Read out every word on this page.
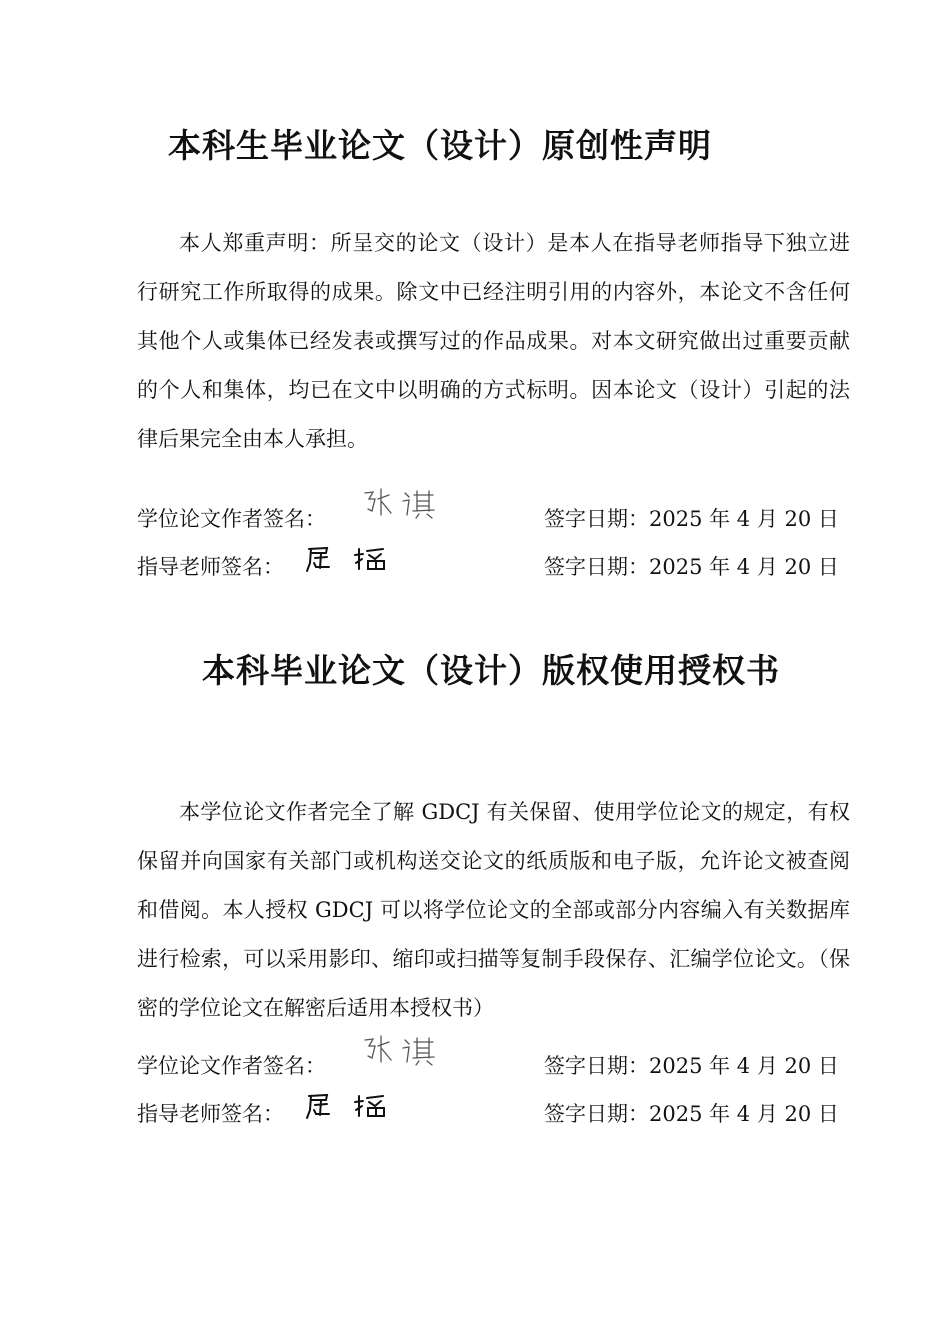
本科生毕业论文（设计）原创性声明

本人郑重声明：所呈交的论文（设计）是本人在指导老师指导下独立进行研究工作所取得的成果。除文中已经注明引用的内容外，本论文不含任何其他个人或集体已经发表或撰写过的作品成果。对本文研究做出过重要贡献的个人和集体，均已在文中以明确的方式标明。因本论文（设计）引起的法律后果完全由本人承担。

学位论文作者签名：	签字日期：2025 年 4 月 20 日
指导老师签名：	签字日期：2025 年 4 月 20 日
本科毕业论文（设计）版权使用授权书

本学位论文作者完全了解 GDCJ 有关保留、使用学位论文的规定，有权保留并向国家有关部门或机构送交论文的纸质版和电子版，允许论文被查阅和借阅。本人授权 GDCJ 可以将学位论文的全部或部分内容编入有关数据库进行检索，可以采用影印、缩印或扫描等复制手段保存、汇编学位论文。（保密的学位论文在解密后适用本授权书）

学位论文作者签名：	签字日期：2025 年 4 月 20 日
指导老师签名：	签字日期：2025 年 4 月 20 日
